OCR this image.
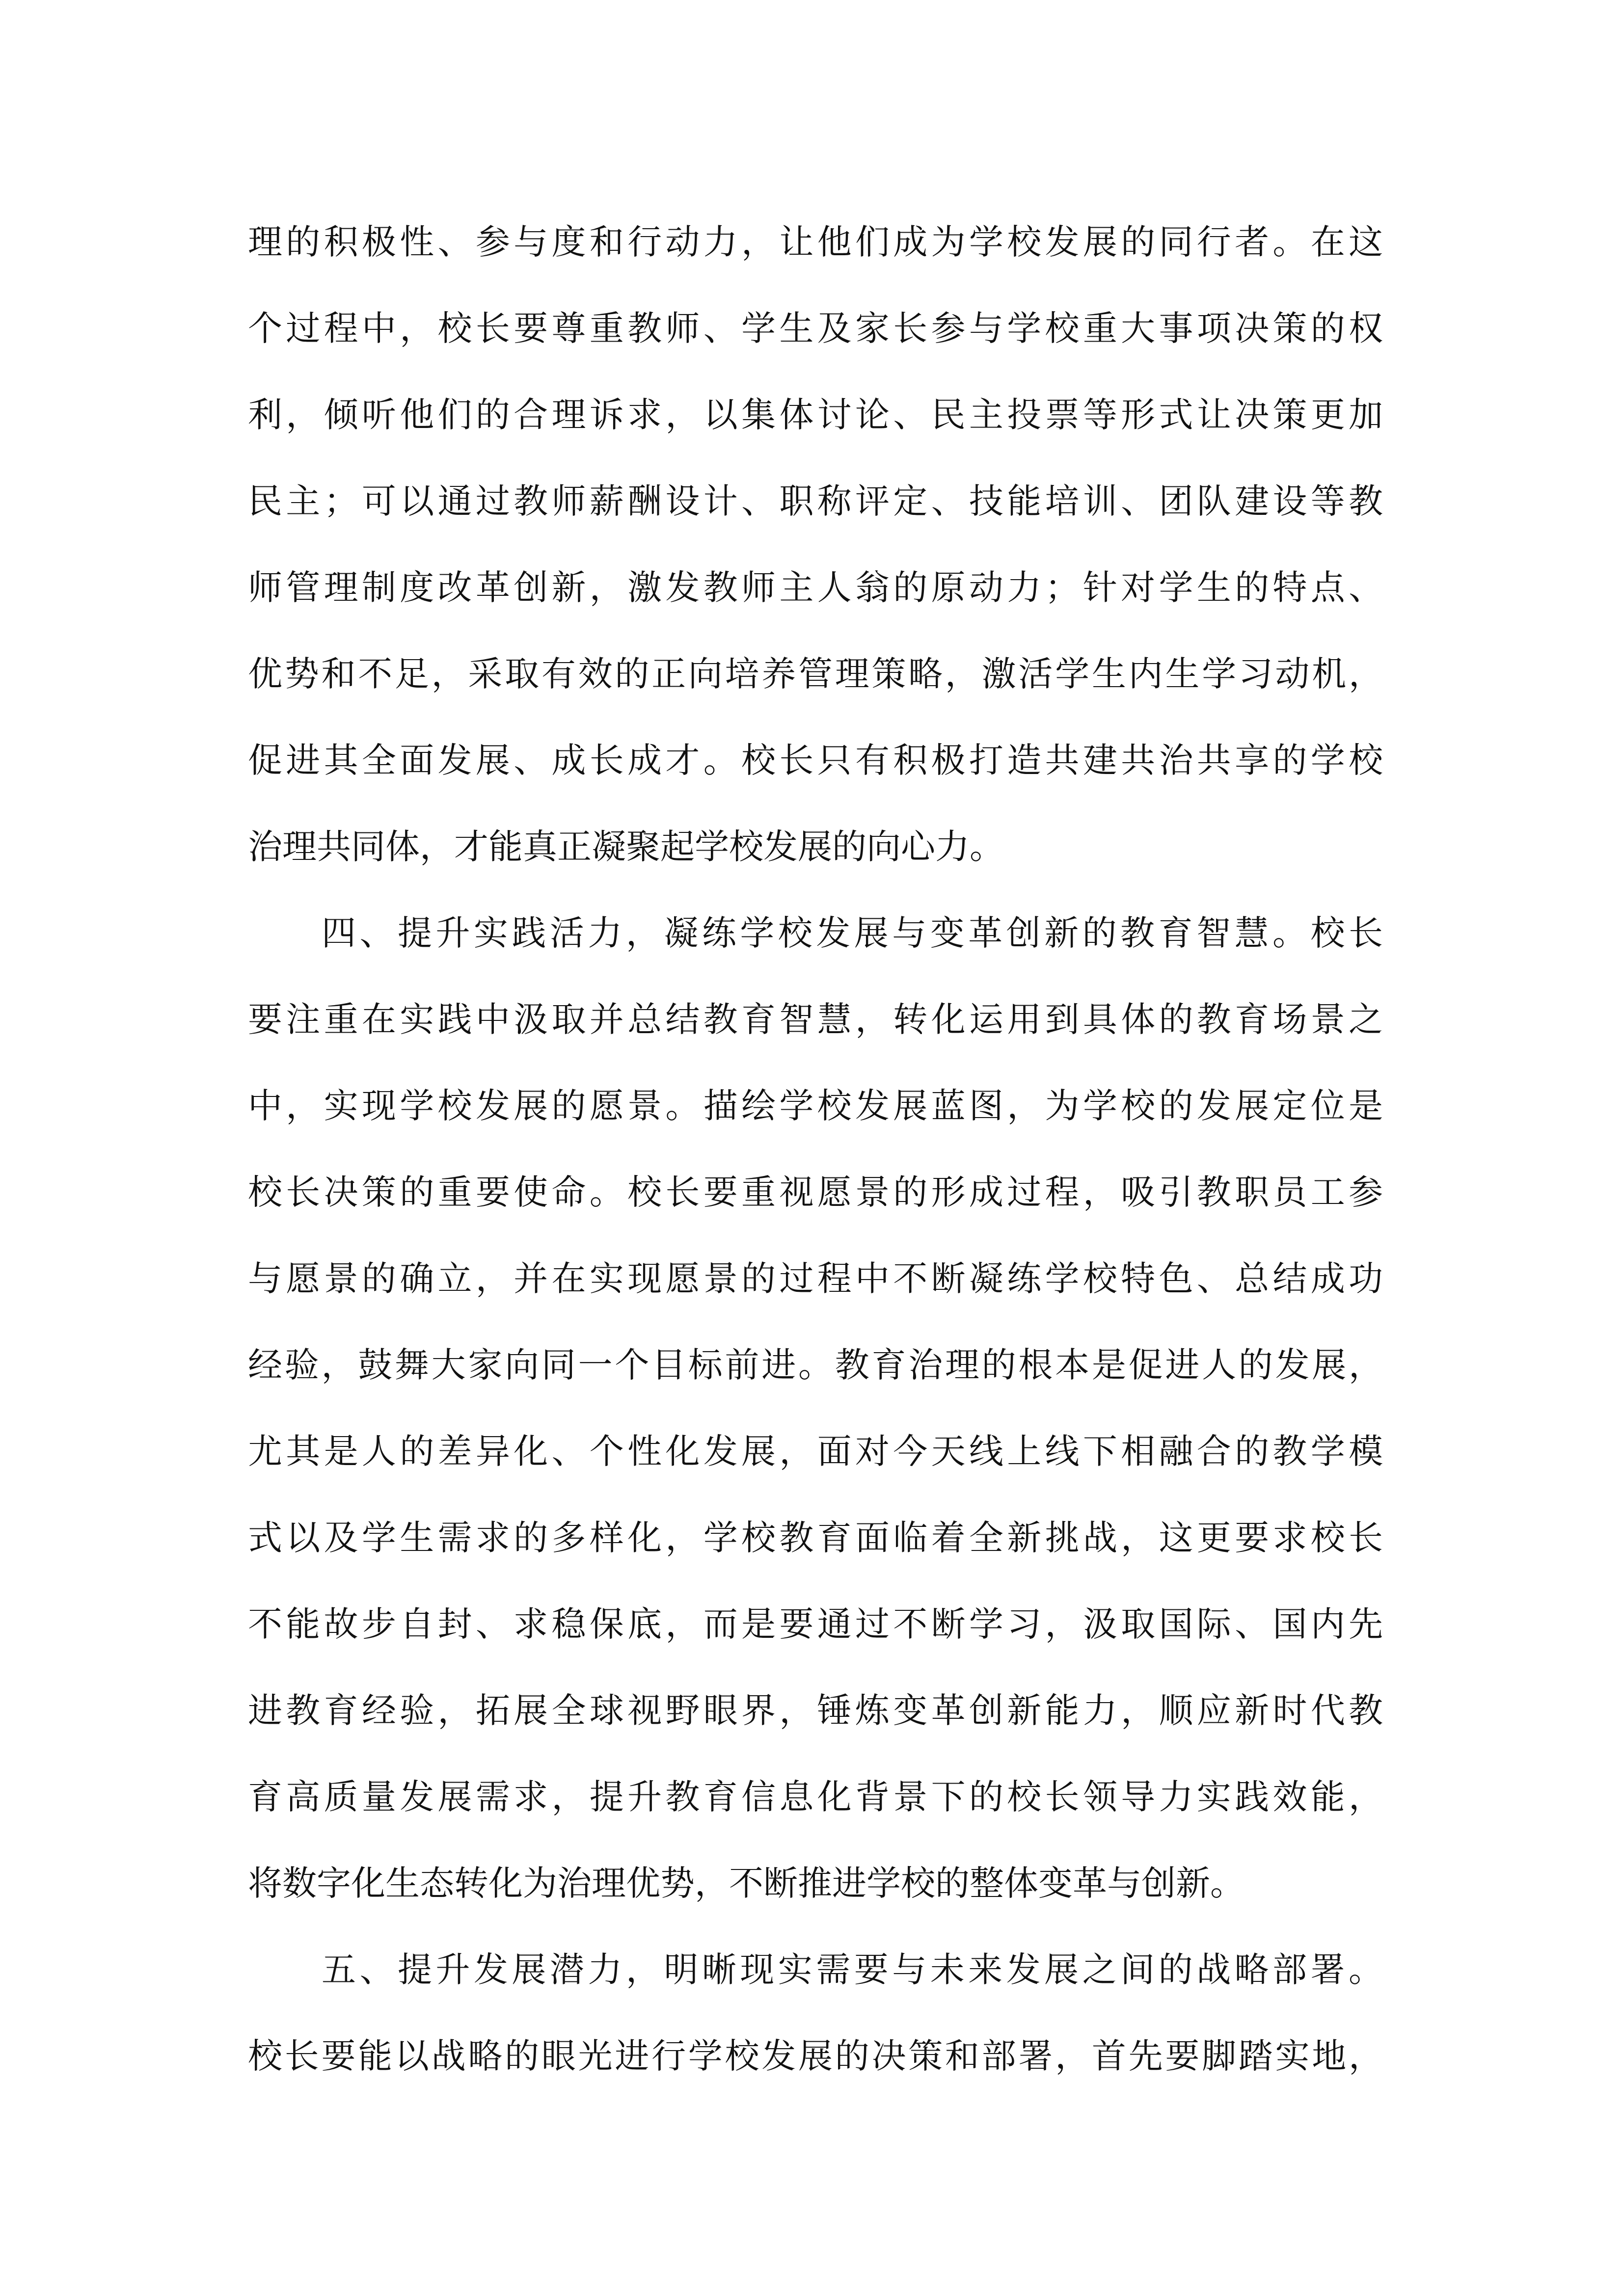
理的积极性、参与度和行动力，让他们成为学校发展的同行者。在这
个过程中，校长要尊重教师、学生及家长参与学校重大事项决策的权
利，倾听他们的合理诉求，以集体讨论、民主投票等形式让决策更加
民主；可以通过教师薪酬设计、职称评定、技能培训、团队建设等教
师管理制度改革创新，激发教师主人翁的原动力；针对学生的特点、
优势和不足，采取有效的正向培养管理策略，激活学生内生学习动机，
促进其全面发展、成长成才。校长只有积极打造共建共治共享的学校
治理共同体，才能真正凝聚起学校发展的向心力。
四、提升实践活力，凝练学校发展与变革创新的教育智慧。校长
要注重在实践中汲取并总结教育智慧，转化运用到具体的教育场景之
中，实现学校发展的愿景。描绘学校发展蓝图，为学校的发展定位是
校长决策的重要使命。校长要重视愿景的形成过程，吸引教职员工参
与愿景的确立，并在实现愿景的过程中不断凝练学校特色、总结成功
经验，鼓舞大家向同一个目标前进。教育治理的根本是促进人的发展，
尤其是人的差异化、个性化发展，面对今天线上线下相融合的教学模
式以及学生需求的多样化，学校教育面临着全新挑战，这更要求校长
不能故步自封、求稳保底，而是要通过不断学习，汲取国际、国内先
进教育经验，拓展全球视野眼界，锤炼变革创新能力，顺应新时代教
育高质量发展需求，提升教育信息化背景下的校长领导力实践效能，
将数字化生态转化为治理优势，不断推进学校的整体变革与创新。
五、提升发展潜力，明晰现实需要与未来发展之间的战略部署。
校长要能以战略的眼光进行学校发展的决策和部署，首先要脚踏实地，
